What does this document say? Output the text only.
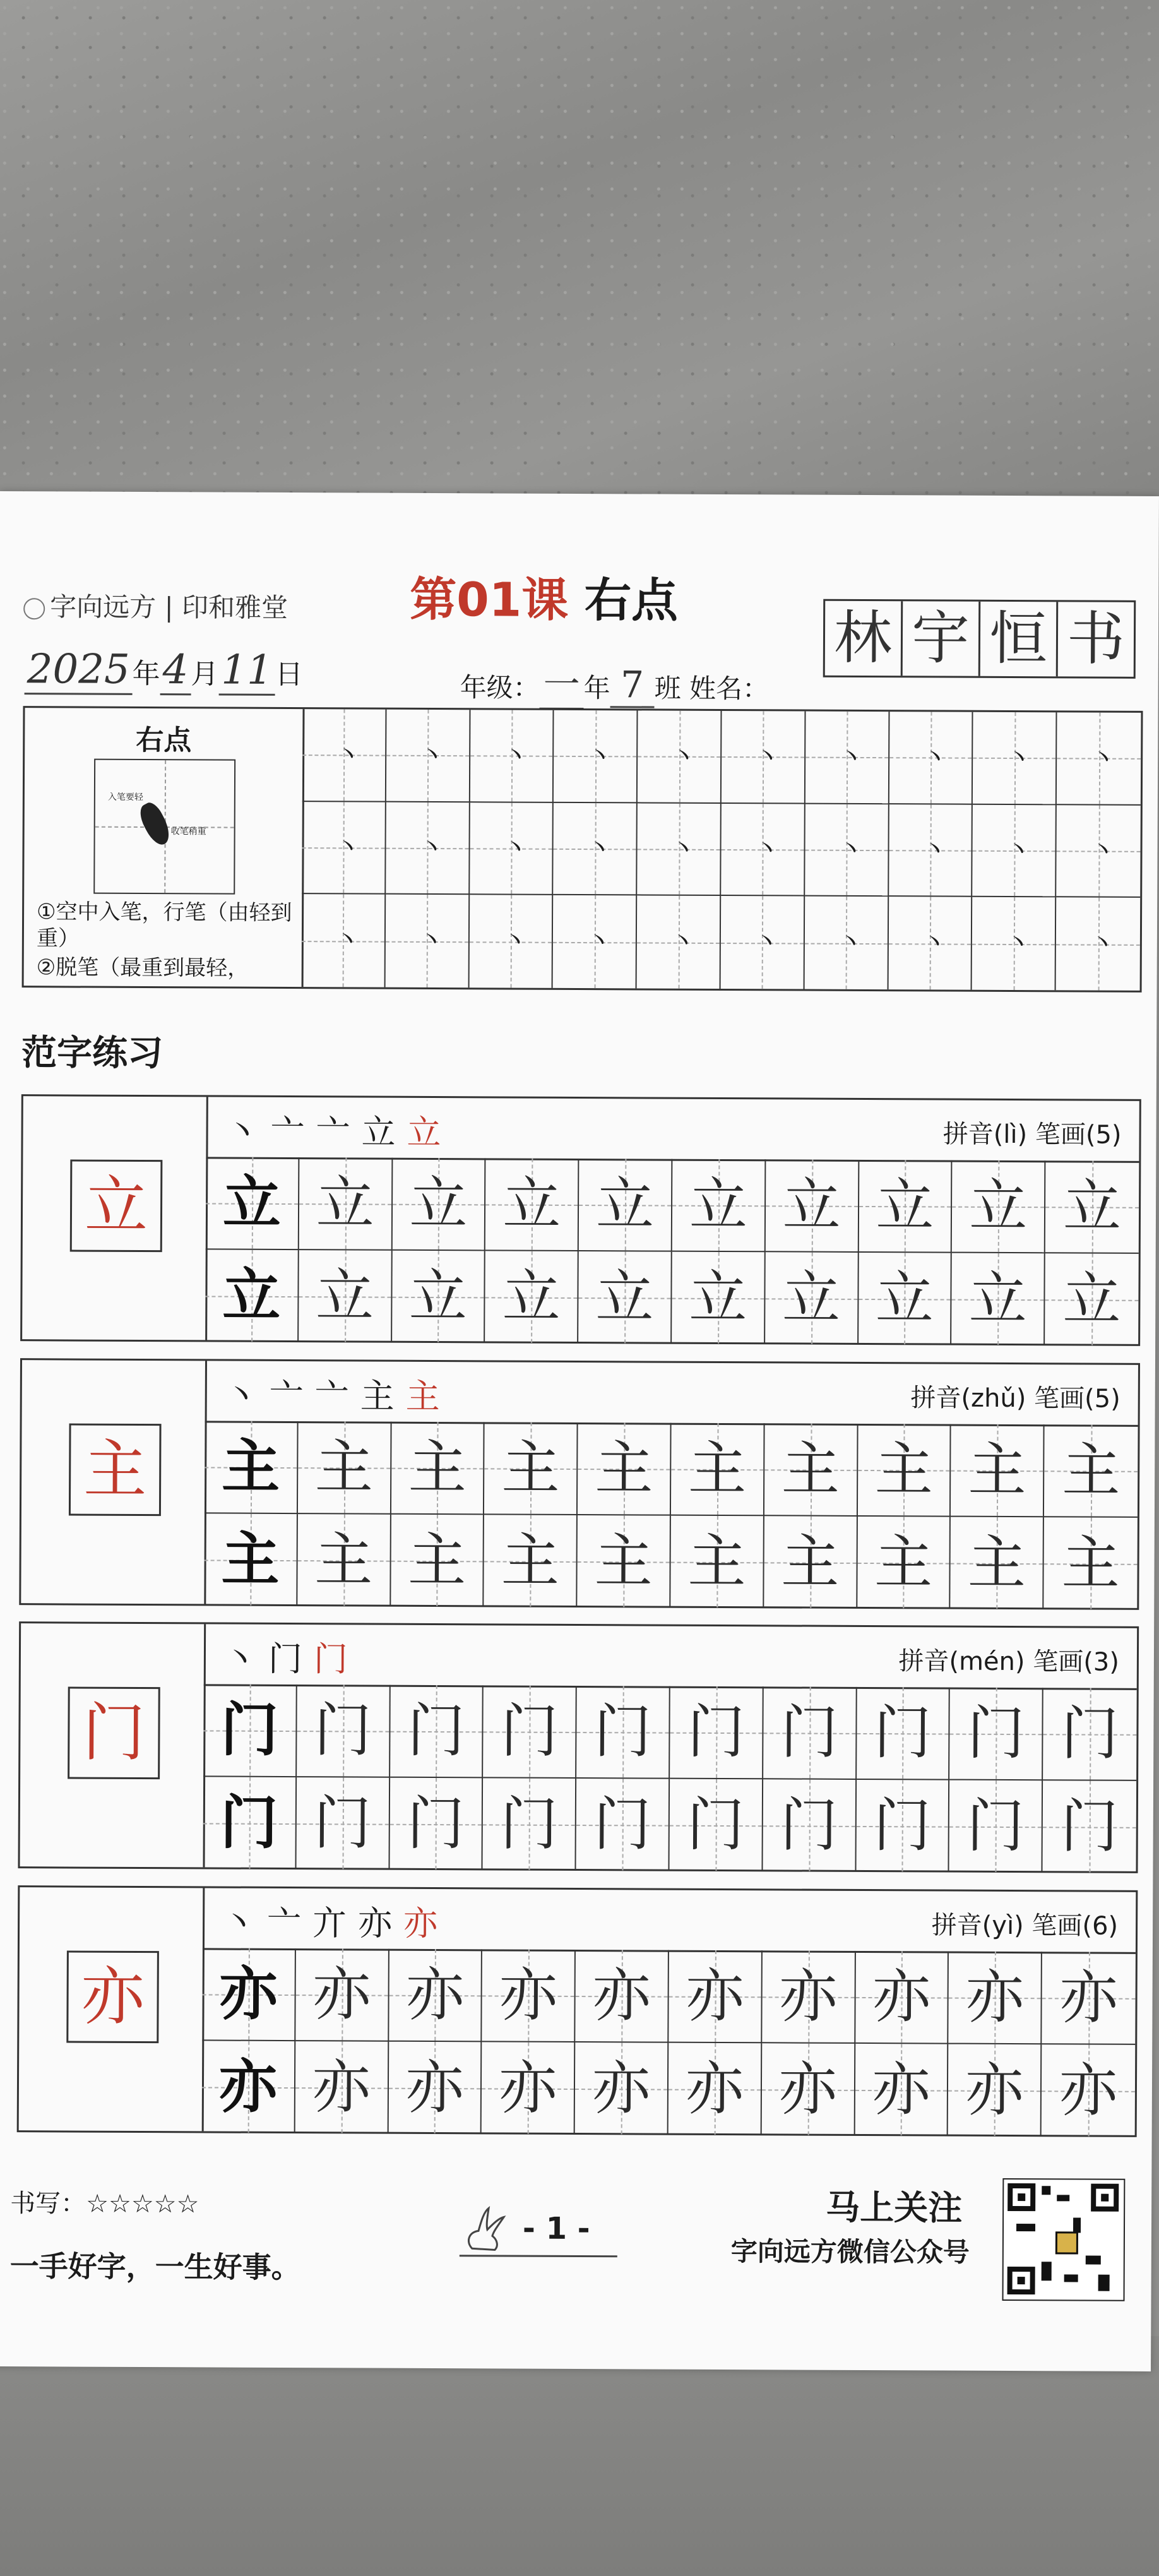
字向远方 | 印和雅堂	第01课 右点
2025年4月11日	年级：一 年 7 班 姓名：
林 宇 恒 书
右点
入笔要轻
收笔稍重
①空中入笔，行笔（由轻到重）
②脱笔（最重到最轻，
丶 丶 丶 丶 丶 丶 丶 丶 丶 丶
丶 丶 丶 丶 丶 丶 丶 丶 丶 丶
丶 丶 丶 丶 丶 丶 丶 丶 丶 丶
范字练习
立
丶亠亠立立	拼音(lì) 笔画(5)
立 立 立 立 立 立 立 立 立 立
立 立 立 立 立 立 立 立 立 立
主
丶亠亠主主	拼音(zhǔ) 笔画(5)
主 主 主 主 主 主 主 主 主 主
主 主 主 主 主 主 主 主 主 主
门
丶门门	拼音(mén) 笔画(3)
门 门 门 门 门 门 门 门 门 门
门 门 门 门 门 门 门 门 门 门
亦
丶亠亣亦亦	拼音(yì) 笔画(6)
亦 亦 亦 亦 亦 亦 亦 亦 亦 亦
亦 亦 亦 亦 亦 亦 亦 亦 亦 亦
书写：☆☆☆☆☆
一手好字，一生好事。
- 1 -
马上关注
字向远方微信公众号
